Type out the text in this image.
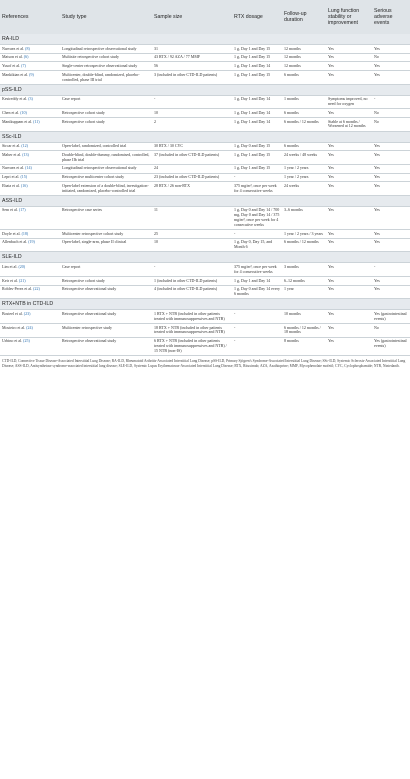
References	Study type	Sample size	RTX dosage	Follow-up duration	Lung function stability or improvement	Serious adverse events
RA-ILD						
Narvaez et al. (8)	Longitudinal retrospective observational study	31	1 g, Day 1 and Day 15	12 months	Yes	Yes
Matson et al. (6)	Multisite retrospective cohort study	43 RTX / 92 AZA / 77 MMF	1 g, Day 1 and Day 15	12 months	Yes	No
Yusof et al. (7)	Single-center retrospective observational study	56	1 g, Day 1 and Day 14	12 months	Yes	Yes
Mankikian et al. (9)	Multicenter, double-blind, randomized, placebo-controlled, phase III trial	3 (included in other CTD-ILD patients)	1 g, Day 1 and Day 15	6 months	Yes	Yes
pSS-ILD						
Kesireddy et al. (3)	Case report	-	1 g, Day 1 and Day 14	1 months	Symptoms improved, no need for oxygen	-
Chen et al. (10)	Retrospective cohort study	10	1 g, Day 1 and Day 14	6 months	Yes	No
Manikuppam et al. (11)	Retrospective cohort study	2	1 g, Day 1 and Day 14	6 months / 12 months	Stable at 6 months / Worsened at 12 months	No
SSc-ILD						
Sircar et al. (12)	Open-label, randomized, controlled trial	30 RTX / 30 CYC	1 g, Day 0 and Day 15	6 months	Yes	Yes
Maher et al. (13)	Double-blind, double-dummy, randomised, controlled, phase IIb trial	37 (included in other CTD-ILD patients)	1 g, Day 1 and Day 15	24 weeks / 48 weeks	Yes	Yes
Narvaez et al. (14)	Longitudinal retrospective observational study	24	1 g, Day 1 and Day 15	1 year / 2 years	Yes	Yes
Lepri et al. (15)	Retrospective multicenter cohort study	23 (included in other CTD-ILD patients)	-	1 year / 2 years	Yes	Yes
Ebata et al. (16)	Open-label extension of a double-blind, investigation-initiated, randomized, placebo-controlled trial	28 RTX / 26 non-RTX	375 mg/m², once per week for 4 consecutive weeks	24 weeks	Yes	Yes
ASS-ILD						
Sem et al. (17)	Retrospective case series	11	1 g, Day 0 and Day 14 / 700 mg, Day 0 and Day 14 / 375 mg/m², once per week for 4 consecutive weeks	3–6 months	Yes	Yes
Doyle et al. (18)	Multicenter retrospective cohort study	25	-	1 year / 2 years / 3 years	Yes	Yes
Allenbach et al. (19)	Open-label, single-arm, phase II clinical	10	1 g, Day 0, Day 15, and Month 6	6 months / 12 months	Yes	Yes
SLE-ILD						
Lim et al. (20)	Case report	-	375 mg/m², once per week for 4 consecutive weeks	3 months	Yes	-
Keir et al. (21)	Retrospective cohort study	1 (included in other CTD-ILD patients)	1 g, Day 1 and Day 14	6–12 months	Yes	Yes
Robles-Perez et al. (22)	Retrospective observational study	4 (included in other CTD-ILD patients)	1 g, Day 0 and Day 14 every 6 months	1 year	Yes	Yes
RTX+NTB in CTD-ILD						
Bosteel et al. (23)	Retrospective observational study	1 RTX + NTB (included in other patients treated with immunosuppressives and NTB)	-	10 months	Yes	Yes (gastrointestinal events)
Mosteiro et al. (24)	Multicenter retrospective study	18 RTX + NTB (included in other patients treated with immunosuppressives and NTB)	-	6 months / 12 months / 18 months	Yes	No
Urbino et al. (25)	Retrospective observational study	6 RTX + NTB (included in other patients treated with immunosuppressives and NTB) / 15 NTB (non-IS)	-	8 months	Yes	Yes (gastrointestinal events)
CTD-ILD, Connective Tissue Disease-Associated Interstitial Lung Disease; RA-ILD, Rheumatoid Arthritis-Associated Interstitial Lung Disease; pSS-ILD, Primary Sjögren's Syndrome-Associated Interstitial Lung Disease; SSc-ILD, Systemic Sclerosis-Associated Interstitial Lung Disease; ASS-ILD, Antisynthetase syndrome-associated interstitial lung disease; SLE-ILD, Systemic Lupus Erythematosus-Associated Interstitial Lung Disease; RTX, Rituximab; AZA, Azathioprine; MMF, Mycophenolate mofetil; CYC, Cyclophosphamide; NTB, Nintedanib.
